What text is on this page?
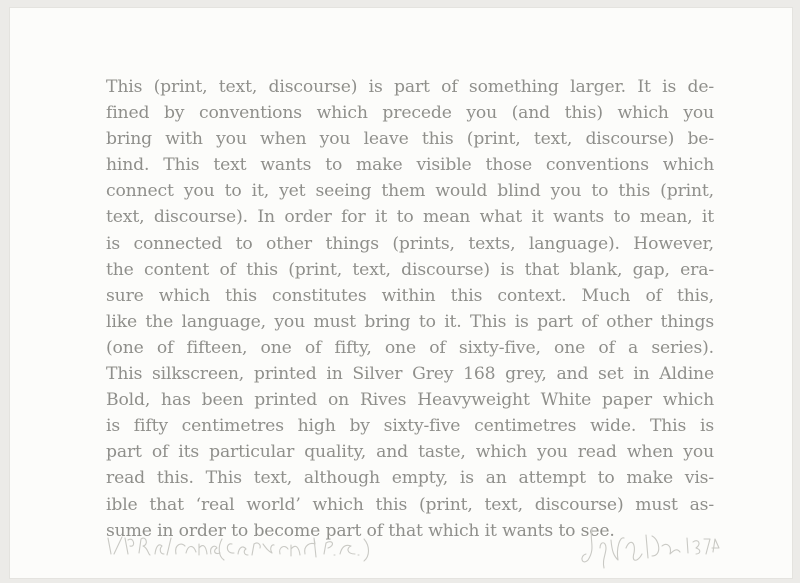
This (print, text, discourse) is part of something larger. It is de-
fined by conventions which precede you (and this) which you
bring with you when you leave this (print, text, discourse) be-
hind. This text wants to make visible those conventions which
connect you to it, yet seeing them would blind you to this (print,
text, discourse). In order for it to mean what it wants to mean, it
is connected to other things (prints, texts, language). However,
the content of this (print, text, discourse) is that blank, gap, era-
sure which this constitutes within this context. Much of this,
like the language, you must bring to it. This is part of other things
(one of fifteen, one of fifty, one of sixty-five, one of a series).
This silkscreen, printed in Silver Grey 168 grey, and set in Aldine
Bold, has been printed on Rives Heavyweight White paper which
is fifty centimetres high by sixty-five centimetres wide. This is
part of its particular quality, and taste, which you read when you
read this. This text, although empty, is an attempt to make vis-
ible that ‘real world’ which this (print, text, discourse) must as-
sume in order to become part of that which it wants to see.
